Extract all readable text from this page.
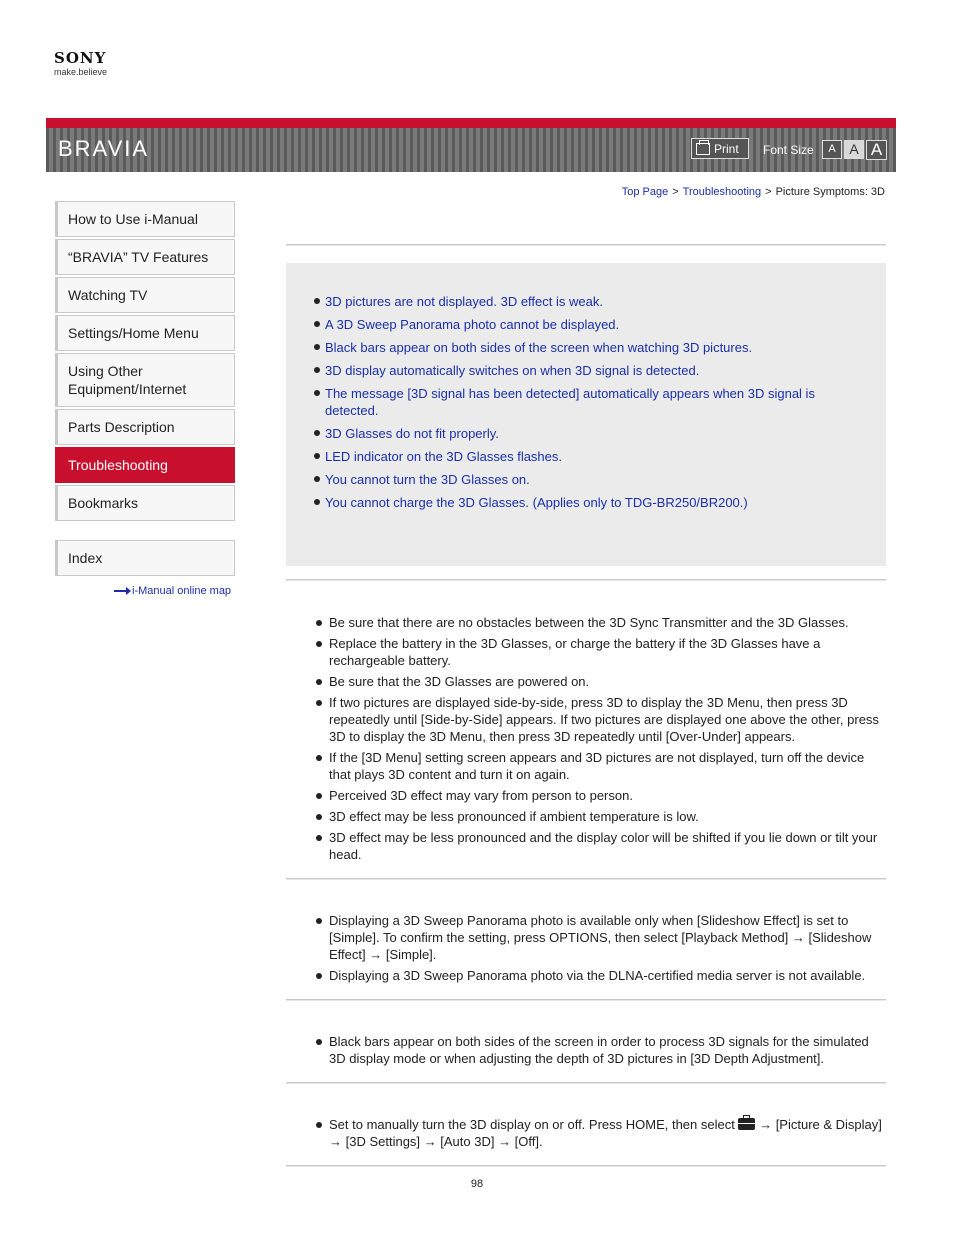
SONY
make.believe
BRAVIA	Print Font Size	A A A
Top Page > Troubleshooting > Picture Symptoms: 3D
How to Use i-Manual
“BRAVIA” TV Features
Watching TV
Settings/Home Menu
Using Other Equipment/Internet
Parts Description
Troubleshooting
Bookmarks
Index
i-Manual online map
3D pictures are not displayed. 3D effect is weak.
A 3D Sweep Panorama photo cannot be displayed.
Black bars appear on both sides of the screen when watching 3D pictures.
3D display automatically switches on when 3D signal is detected.
The message [3D signal has been detected] automatically appears when 3D signal is detected.
3D Glasses do not fit properly.
LED indicator on the 3D Glasses flashes.
You cannot turn the 3D Glasses on.
You cannot charge the 3D Glasses. (Applies only to TDG-BR250/BR200.)
Be sure that there are no obstacles between the 3D Sync Transmitter and the 3D Glasses.
Replace the battery in the 3D Glasses, or charge the battery if the 3D Glasses have a rechargeable battery.
Be sure that the 3D Glasses are powered on.
If two pictures are displayed side-by-side, press 3D to display the 3D Menu, then press 3D repeatedly until [Side-by-Side] appears. If two pictures are displayed one above the other, press 3D to display the 3D Menu, then press 3D repeatedly until [Over-Under] appears.
If the [3D Menu] setting screen appears and 3D pictures are not displayed, turn off the device that plays 3D content and turn it on again.
Perceived 3D effect may vary from person to person.
3D effect may be less pronounced if ambient temperature is low.
3D effect may be less pronounced and the display color will be shifted if you lie down or tilt your head.
Displaying a 3D Sweep Panorama photo is available only when [Slideshow Effect] is set to [Simple]. To confirm the setting, press OPTIONS, then select [Playback Method] → [Slideshow Effect] → [Simple].
Displaying a 3D Sweep Panorama photo via the DLNA-certified media server is not available.
Black bars appear on both sides of the screen in order to process 3D signals for the simulated 3D display mode or when adjusting the depth of 3D pictures in [3D Depth Adjustment].
Set to manually turn the 3D display on or off. Press HOME, then select  → [Picture & Display] → [3D Settings] → [Auto 3D] → [Off].
98
